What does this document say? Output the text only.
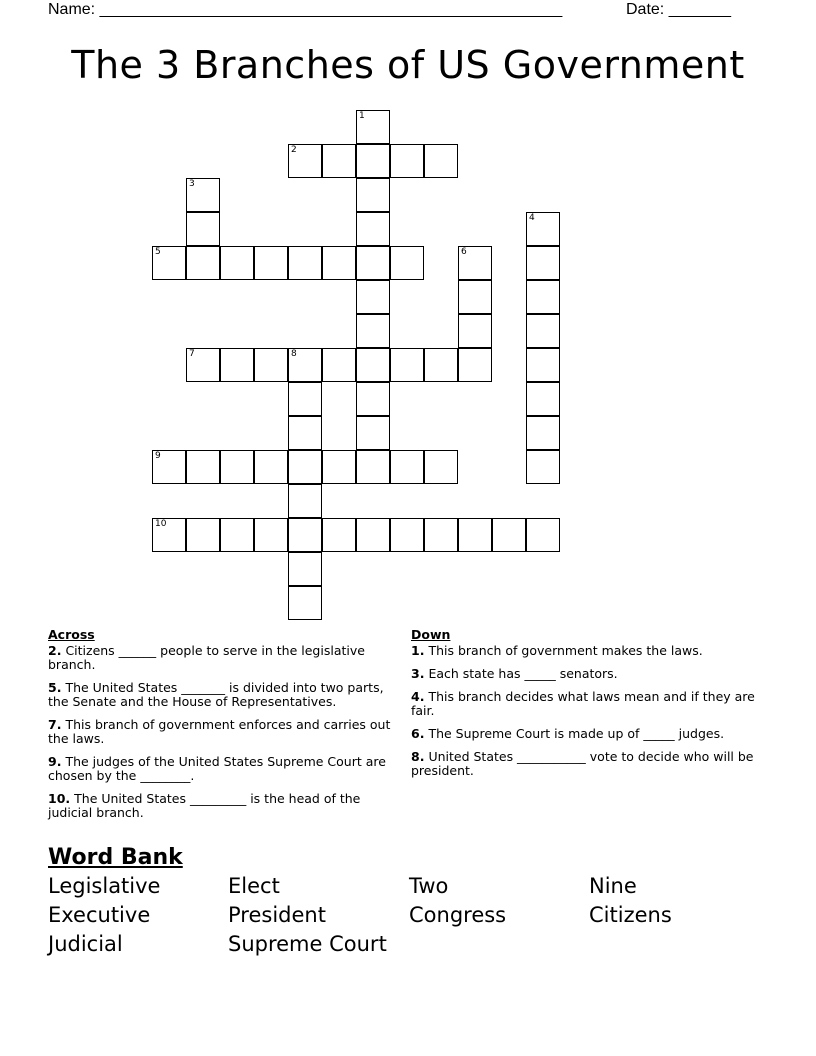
Name: ____________________________________________________	Date: _______
The 3 Branches of US Government
1
2
3
4
5	6
7	8
9
10
Across
2. Citizens ______ people to serve in the legislative branch.
5. The United States _______ is divided into two parts, the Senate and the House of Representatives.
7. This branch of government enforces and carries out the laws.
9. The judges of the United States Supreme Court are chosen by the ________.
10. The United States _________ is the head of the judicial branch.
Down
1. This branch of government makes the laws.
3. Each state has _____ senators.
4. This branch decides what laws mean and if they are fair.
6. The Supreme Court is made up of _____ judges.
8. United States ___________ vote to decide who will be president.
Word Bank
Legislative	Elect	Two	Nine
Executive	President	Congress	Citizens
Judicial	Supreme Court
